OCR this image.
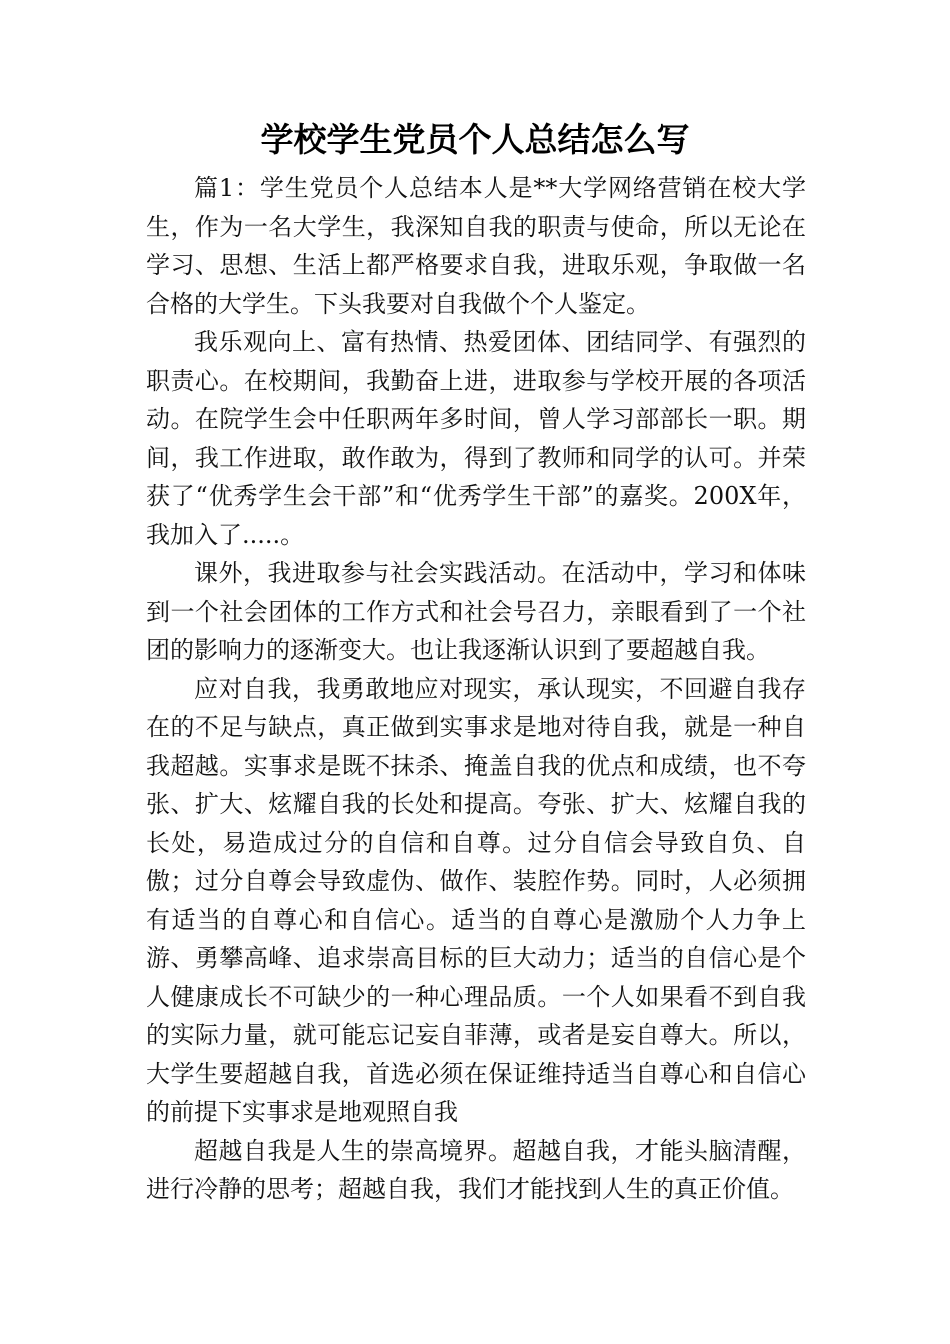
学校学生党员个人总结怎么写

篇1：学生党员个人总结本人是**大学网络营销在校大学生，作为一名大学生，我深知自我的职责与使命，所以无论在学习、思想、生活上都严格要求自我，进取乐观，争取做一名合格的大学生。下头我要对自我做个个人鉴定。

我乐观向上、富有热情、热爱团体、团结同学、有强烈的职责心。在校期间，我勤奋上进，进取参与学校开展的各项活动。在院学生会中任职两年多时间，曾人学习部部长一职。期间，我工作进取，敢作敢为，得到了教师和同学的认可。并荣获了“优秀学生会干部”和“优秀学生干部”的嘉奖。200X年，我加入了.....。

课外，我进取参与社会实践活动。在活动中，学习和体味到一个社会团体的工作方式和社会号召力，亲眼看到了一个社团的影响力的逐渐变大。也让我逐渐认识到了要超越自我。

应对自我，我勇敢地应对现实，承认现实，不回避自我存在的不足与缺点，真正做到实事求是地对待自我，就是一种自我超越。实事求是既不抹杀、掩盖自我的优点和成绩，也不夸张、扩大、炫耀自我的长处和提高。夸张、扩大、炫耀自我的长处，易造成过分的自信和自尊。过分自信会导致自负、自傲；过分自尊会导致虚伪、做作、装腔作势。同时，人必须拥有适当的自尊心和自信心。适当的自尊心是激励个人力争上游、勇攀高峰、追求崇高目标的巨大动力；适当的自信心是个人健康成长不可缺少的一种心理品质。一个人如果看不到自我的实际力量，就可能忘记妄自菲薄，或者是妄自尊大。所以，大学生要超越自我，首选必须在保证维持适当自尊心和自信心的前提下实事求是地观照自我

超越自我是人生的崇高境界。超越自我，才能头脑清醒，进行冷静的思考；超越自我，我们才能找到人生的真正价值。
